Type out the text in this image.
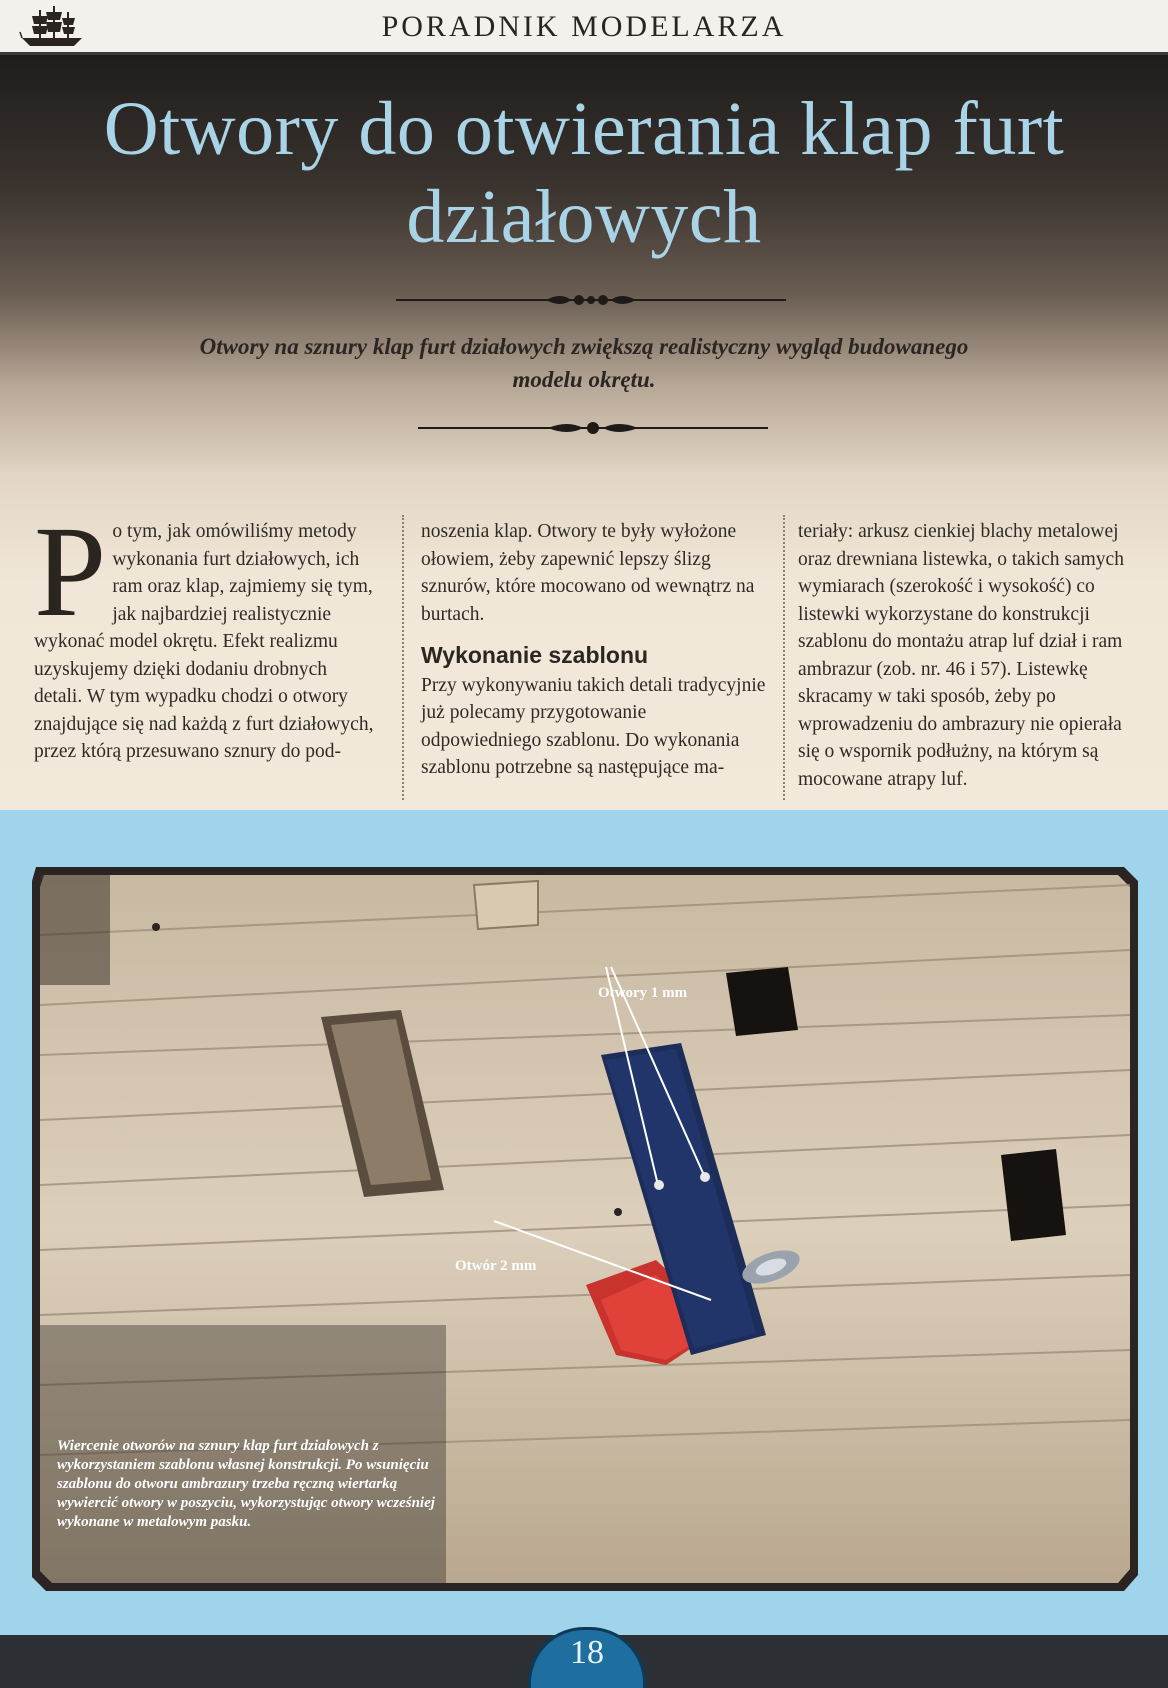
PORADNIK MODELARZA
Otwory do otwierania klap furt działowych
Otwory na sznury klap furt działowych zwiększą realistyczny wygląd budowanego modelu okrętu.
P o tym, jak omówiliśmy metody wykonania furt działowych, ich ram oraz klap, zajmiemy się tym, jak najbardziej realistycznie wykonać model okrętu. Efekt realizmu uzyskujemy dzięki dodaniu drobnych detali. W tym wypadku chodzi o otwory znajdujące się nad każdą z furt działowych, przez którą przesuwano sznury do pod-

noszenia klap. Otwory te były wyłożone ołowiem, żeby zapewnić lepszy ślizg sznurów, które mocowano od wewnątrz na burtach.

Wykonanie szablonu

Przy wykonywaniu takich detali tradycyjnie już polecamy przygotowanie odpowiedniego szablonu. Do wykonania szablonu potrzebne są następujące ma-

teriały: arkusz cienkiej blachy metalowej oraz drewniana listewka, o takich samych wymiarach (szerokość i wysokość) co listewki wykorzystane do konstrukcji szablonu do montażu atrap luf dział i ram ambrazur (zob. nr. 46 i 57). Listewkę skracamy w taki sposób, żeby po wprowadzeniu do ambrazury nie opierała się o wspornik podłużny, na którym są mocowane atrapy luf.

Otwory 1 mm
Otwór 2 mm
Wiercenie otworów na sznury klap furt działowych z wykorzystaniem szablonu własnej konstrukcji. Po wsunięciu szablonu do otworu ambrazury trzeba ręczną wiertarką wywiercić otwory w poszyciu, wykorzystując otwory wcześniej wykonane w metalowym pasku.
18
